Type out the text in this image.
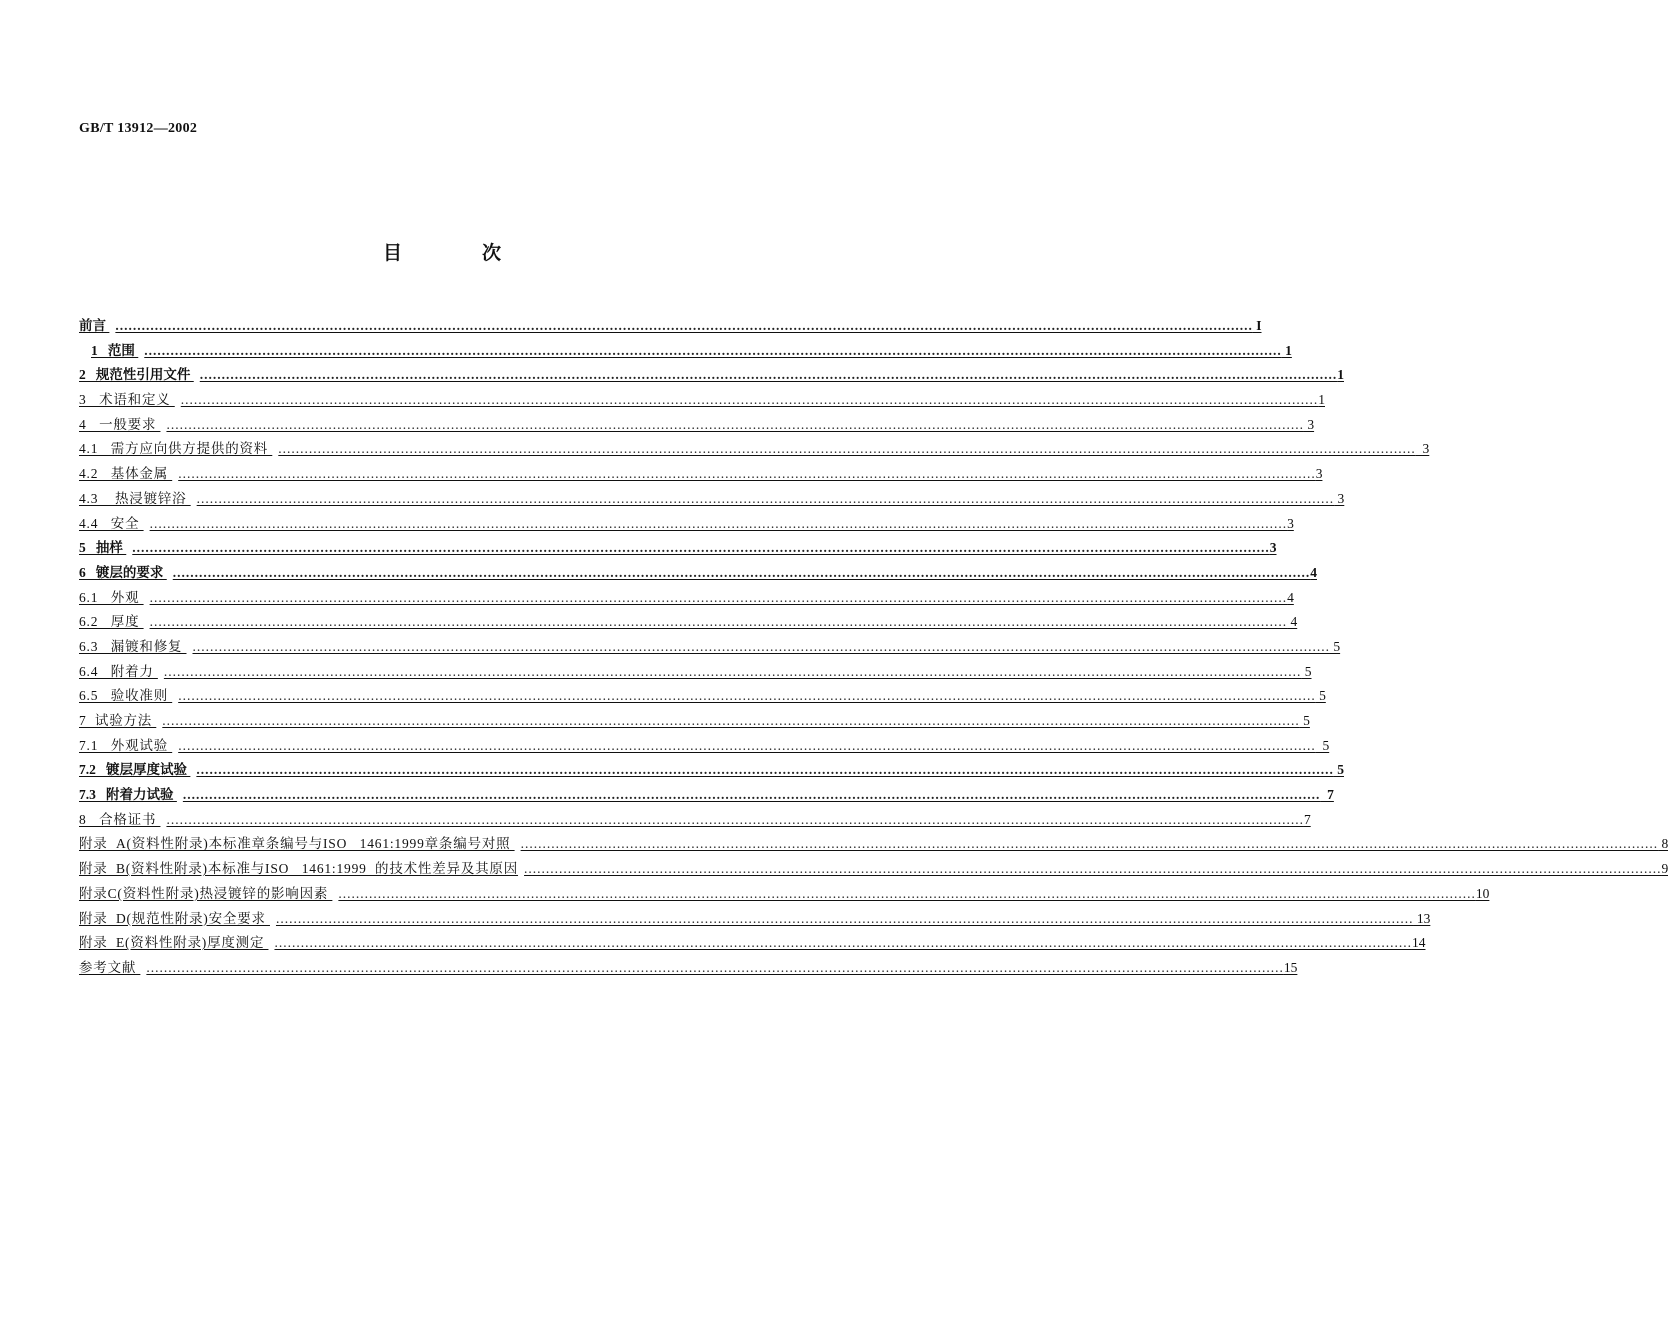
GB/T 13912—2002
目	次
前言 .................................................................................................................................................................................................................................................................... I
1   范围 .................................................................................................................................................................................................................................................................... 1
2   规范性引用文件 .................................................................................................................................................................................................................................................................... 1
3   术语和定义 .................................................................................................................................................................................................................................................................... 1
4   一般要求 .................................................................................................................................................................................................................................................................... 3
4.1   需方应向供方提供的资料 .................................................................................................................................................................................................................................................................... 3
4.2   基体金属 .................................................................................................................................................................................................................................................................... 3
4.3    热浸镀锌浴 .................................................................................................................................................................................................................................................................... 3
4.4   安全 .................................................................................................................................................................................................................................................................... 3
5   抽样 .................................................................................................................................................................................................................................................................... 3
6   镀层的要求 .................................................................................................................................................................................................................................................................... 4
6.1   外观 .................................................................................................................................................................................................................................................................... 4
6.2   厚度 .................................................................................................................................................................................................................................................................... 4
6.3   漏镀和修复 .................................................................................................................................................................................................................................................................... 5
6.4   附着力 .................................................................................................................................................................................................................................................................... 5
6.5   验收准则 .................................................................................................................................................................................................................................................................... 5
7  试验方法 .................................................................................................................................................................................................................................................................... 5
7.1   外观试验 .................................................................................................................................................................................................................................................................... 5
7.2   镀层厚度试验 .................................................................................................................................................................................................................................................................... 5
7.3   附着力试验 .................................................................................................................................................................................................................................................................... 7
8   合格证书 .................................................................................................................................................................................................................................................................... 7
附录  A(资料性附录)本标准章条编号与ISO   1461:1999章条编号对照 .................................................................................................................................................................................................................................................................... 8
附录  B(资料性附录)本标准与ISO   1461:1999  的技术性差异及其原因 .................................................................................................................................................................................................................................................................... 9
附录C(资料性附录)热浸镀锌的影响因素 .................................................................................................................................................................................................................................................................... 10
附录  D(规范性附录)安全要求 .................................................................................................................................................................................................................................................................... 13
附录  E(资料性附录)厚度测定 .................................................................................................................................................................................................................................................................... 14
参考文献 .................................................................................................................................................................................................................................................................... 15
